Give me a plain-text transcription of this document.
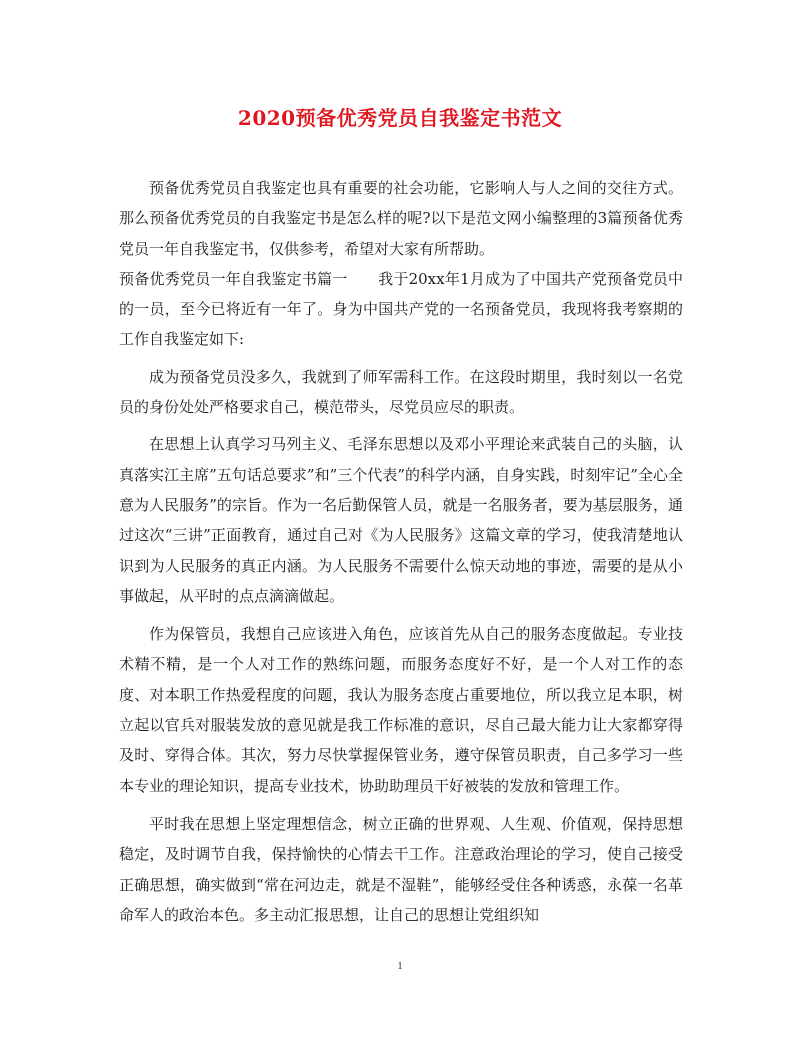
2020预备优秀党员自我鉴定书范文

预备优秀党员自我鉴定也具有重要的社会功能，它影响人与人之间的交往方式。那么预备优秀党员的自我鉴定书是怎么样的呢?以下是范文网小编整理的3篇预备优秀党员一年自我鉴定书，仅供参考，希望对大家有所帮助。

预备优秀党员一年自我鉴定书篇一　　我于20xx年1月成为了中国共产党预备党员中的一员，至今已将近有一年了。身为中国共产党的一名预备党员，我现将我考察期的工作自我鉴定如下:

成为预备党员没多久，我就到了师军需科工作。在这段时期里，我时刻以一名党员的身份处处严格要求自己，模范带头，尽党员应尽的职责。

在思想上认真学习马列主义、毛泽东思想以及邓小平理论来武装自己的头脑，认真落实江主席”五句话总要求”和”三个代表”的科学内涵，自身实践，时刻牢记”全心全意为人民服务”的宗旨。作为一名后勤保管人员，就是一名服务者，要为基层服务，通过这次“三讲”正面教育，通过自己对《为人民服务》这篇文章的学习，使我清楚地认识到为人民服务的真正内涵。为人民服务不需要什么惊天动地的事迹，需要的是从小事做起，从平时的点点滴滴做起。

作为保管员，我想自己应该进入角色，应该首先从自己的服务态度做起。专业技术精不精，是一个人对工作的熟练问题，而服务态度好不好，是一个人对工作的态度、对本职工作热爱程度的问题，我认为服务态度占重要地位，所以我立足本职，树立起以官兵对服装发放的意见就是我工作标准的意识，尽自己最大能力让大家都穿得及时、穿得合体。其次，努力尽快掌握保管业务，遵守保管员职责，自己多学习一些本专业的理论知识，提高专业技术，协助助理员干好被装的发放和管理工作。

平时我在思想上坚定理想信念，树立正确的世界观、人生观、价值观，保持思想稳定，及时调节自我，保持愉快的心情去干工作。注意政治理论的学习，使自己接受正确思想，确实做到“常在河边走，就是不湿鞋”，能够经受住各种诱惑，永葆一名革命军人的政治本色。多主动汇报思想，让自己的思想让党组织知

1
